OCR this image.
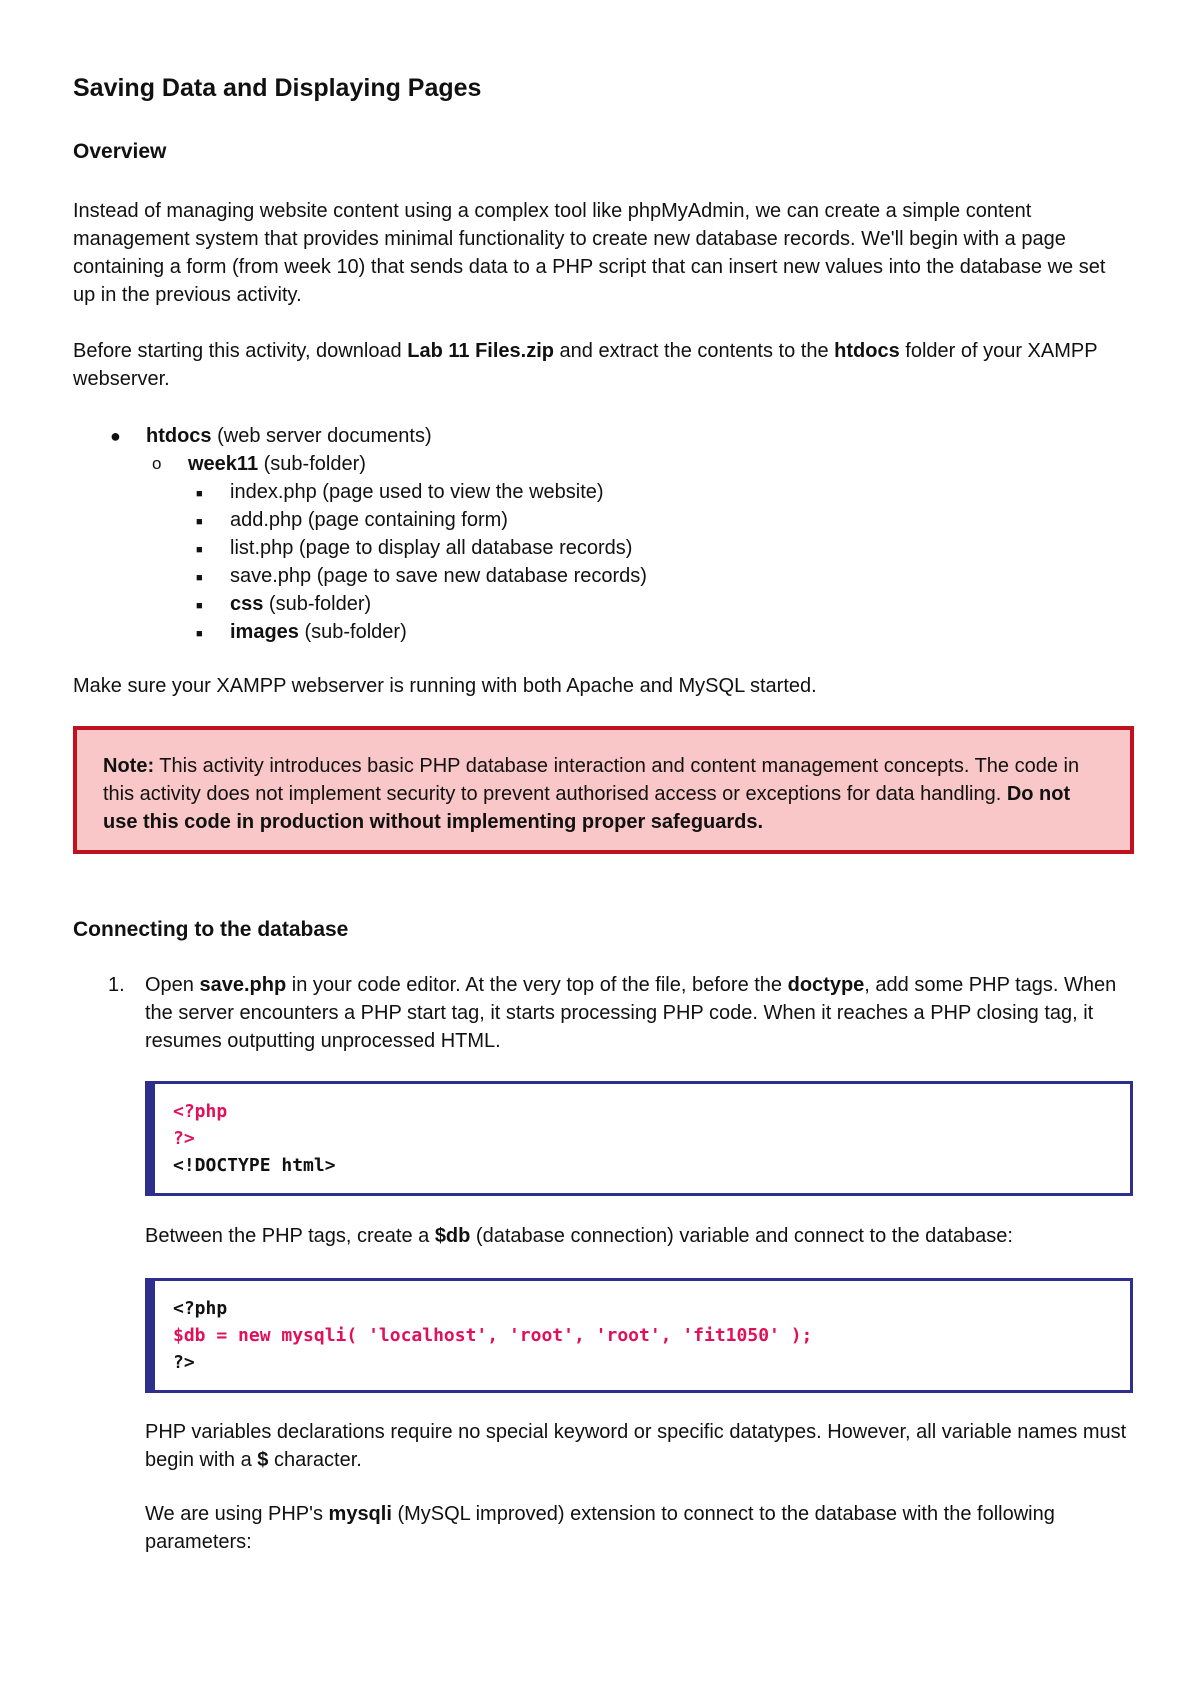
Saving Data and Displaying Pages
Overview

Instead of managing website content using a complex tool like phpMyAdmin, we can create a simple content management system that provides minimal functionality to create new database records. We'll begin with a page containing a form (from week 10) that sends data to a PHP script that can insert new values into the database we set up in the previous activity.

Before starting this activity, download Lab 11 Files.zip and extract the contents to the htdocs folder of your XAMPP webserver.

● htdocs (web server documents)
o week11 (sub-folder)
■ index.php (page used to view the website)
■ add.php (page containing form)
■ list.php (page to display all database records)
■ save.php (page to save new database records)
■ css (sub-folder)
■ images (sub-folder)

Make sure your XAMPP webserver is running with both Apache and MySQL started.

Note: This activity introduces basic PHP database interaction and content management concepts. The code in this activity does not implement security to prevent authorised access or exceptions for data handling. Do not use this code in production without implementing proper safeguards.
Connecting to the database
1. Open save.php in your code editor. At the very top of the file, before the doctype, add some PHP tags. When the server encounters a PHP start tag, it starts processing PHP code. When it reaches a PHP closing tag, it resumes outputting unprocessed HTML.
<?php
?>
<!DOCTYPE html>

Between the PHP tags, create a $db (database connection) variable and connect to the database:

<?php
$db = new mysqli( 'localhost', 'root', 'root', 'fit1050' );
?>

PHP variables declarations require no special keyword or specific datatypes. However, all variable names must begin with a $ character.

We are using PHP's mysqli (MySQL improved) extension to connect to the database with the following parameters:
